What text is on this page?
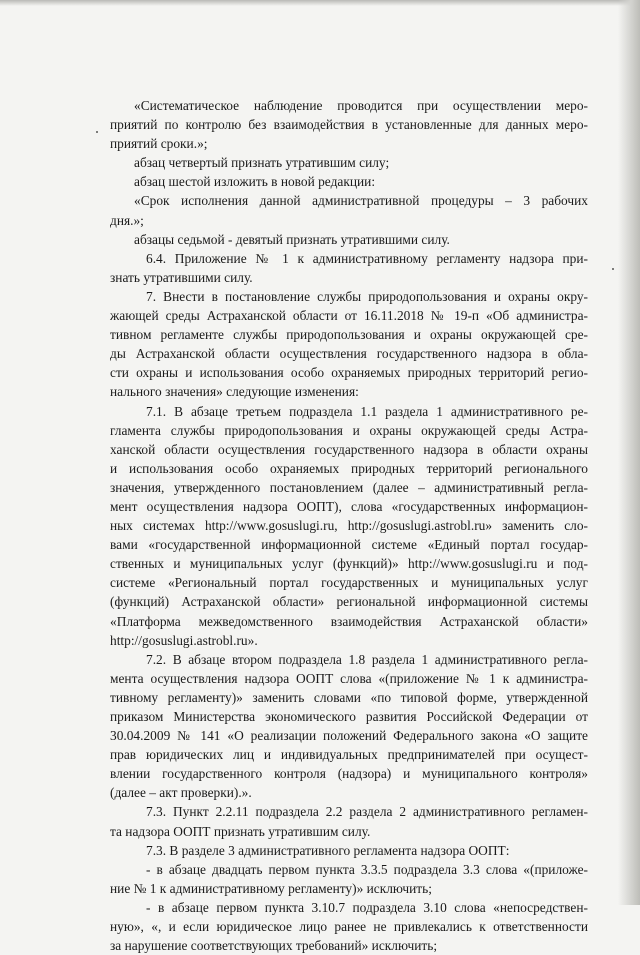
«Систематическое наблюдение проводится при осуществлении меро-
приятий по контролю без взаимодействия в установленные для данных меро-
приятий сроки.»;
абзац четвертый признать утратившим силу;
абзац шестой изложить в новой редакции:
«Срок исполнения данной административной процедуры – 3 рабочих
дня.»;
абзацы седьмой - девятый признать утратившими силу.
6.4. Приложение № 1 к административному регламенту надзора при-
знать утратившими силу.
7. Внести в постановление службы природопользования и охраны окру-
жающей среды Астраханской области от 16.11.2018 № 19-п «Об администра-
тивном регламенте службы природопользования и охраны окружающей сре-
ды Астраханской области осуществления государственного надзора в обла-
сти охраны и использования особо охраняемых природных территорий регио-
нального значения» следующие изменения:
7.1. В абзаце третьем подраздела 1.1 раздела 1 административного ре-
гламента службы природопользования и охраны окружающей среды Астра-
ханской области осуществления государственного надзора в области охраны
и использования особо охраняемых природных территорий регионального
значения, утвержденного постановлением (далее – административный регла-
мент осуществления надзора ООПТ), слова «государственных информацион-
ных системах http://www.gosuslugi.ru, http://gosuslugi.astrobl.ru» заменить сло-
вами «государственной информационной системе «Единый портал государ-
ственных и муниципальных услуг (функций)» http://www.gosuslugi.ru и под-
системе «Региональный портал государственных и муниципальных услуг
(функций) Астраханской области» региональной информационной системы
«Платформа межведомственного взаимодействия Астраханской области»
http://gosuslugi.astrobl.ru».
7.2. В абзаце втором подраздела 1.8 раздела 1 административного регла-
мента осуществления надзора ООПТ слова «(приложение № 1 к администра-
тивному регламенту)» заменить словами «по типовой форме, утвержденной
приказом Министерства экономического развития Российской Федерации от
30.04.2009 № 141 «О реализации положений Федерального закона «О защите
прав юридических лиц и индивидуальных предпринимателей при осущест-
влении государственного контроля (надзора) и муниципального контроля»
(далее – акт проверки).».
7.3. Пункт 2.2.11 подраздела 2.2 раздела 2 административного регламен-
та надзора ООПТ признать утратившим силу.
7.3. В разделе 3 административного регламента надзора ООПТ:
- в абзаце двадцать первом пункта 3.3.5 подраздела 3.3 слова «(приложе-
ние № 1 к административному регламенту)» исключить;
- в абзаце первом пункта 3.10.7 подраздела 3.10 слова «непосредствен-
ную», «, и если юридическое лицо ранее не привлекались к ответственности
за нарушение соответствующих требований» исключить;
